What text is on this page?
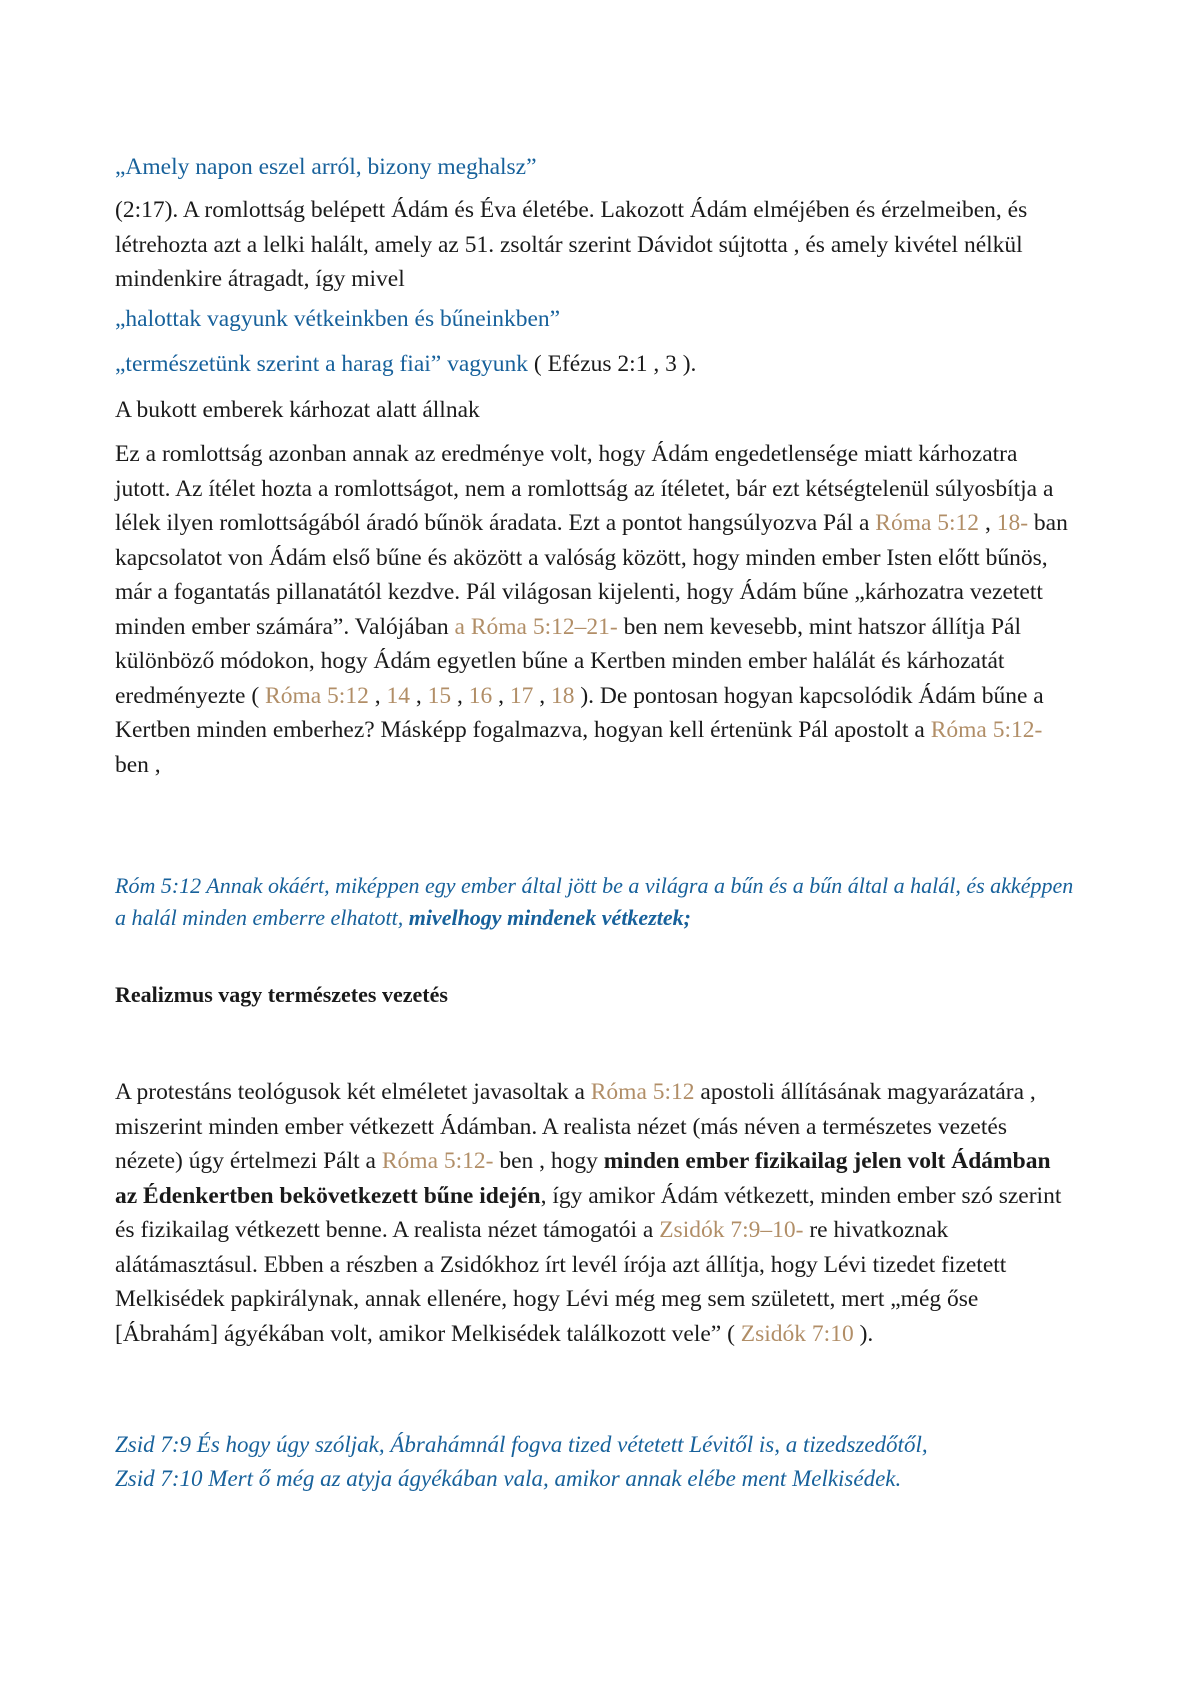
„Amely napon eszel arról, bizony meghalsz”
(2:17). A romlottság belépett Ádám és Éva életébe. Lakozott Ádám elméjében és érzelmeiben, és létrehozta azt a lelki halált, amely az 51. zsoltár szerint Dávidot sújtotta , és amely kivétel nélkül mindenkire átragadt, így mivel
„halottak vagyunk vétkeinkben és bűneinkben”
„természetünk szerint a harag fiai” vagyunk ( Efézus 2:1 , 3 ).
A bukott emberek kárhozat alatt állnak
Ez a romlottság azonban annak az eredménye volt, hogy Ádám engedetlensége miatt kárhozatra jutott. Az ítélet hozta a romlottságot, nem a romlottság az ítéletet, bár ezt kétségtelenül súlyosbítja a lélek ilyen romlottságából áradó bűnök áradata. Ezt a pontot hangsúlyozva Pál a Róma 5:12 , 18- ban kapcsolatot von Ádám első bűne és aközött a valóság között, hogy minden ember Isten előtt bűnös, már a fogantatás pillanatától kezdve. Pál világosan kijelenti, hogy Ádám bűne „kárhozatra vezetett minden ember számára”. Valójában a Róma 5:12–21- ben nem kevesebb, mint hatszor állítja Pál különböző módokon, hogy Ádám egyetlen bűne a Kertben minden ember halálát és kárhozatát eredményezte ( Róma 5:12 , 14 , 15 , 16 , 17 , 18 ). De pontosan hogyan kapcsolódik Ádám bűne a Kertben minden emberhez? Másképp fogalmazva, hogyan kell értenünk Pál apostolt a Róma 5:12- ben ,
Róm 5:12 Annak okáért, miképpen egy ember által jött be a világra a bűn és a bűn által a halál, és akképpen a halál minden emberre elhatott, mivelhogy mindenek vétkeztek;
Realizmus vagy természetes vezetés
A protestáns teológusok két elméletet javasoltak a Róma 5:12 apostoli állításának magyarázatára , miszerint minden ember vétkezett Ádámban. A realista nézet (más néven a természetes vezetés nézete) úgy értelmezi Pált a Róma 5:12- ben , hogy minden ember fizikailag jelen volt Ádámban az Édenkertben bekövetkezett bűne idején, így amikor Ádám vétkezett, minden ember szó szerint és fizikailag vétkezett benne. A realista nézet támogatói a Zsidók 7:9–10- re hivatkoznak alátámasztásul. Ebben a részben a Zsidókhoz írt levél írója azt állítja, hogy Lévi tizedet fizetett Melkisédek papkirálynak, annak ellenére, hogy Lévi még meg sem született, mert „még őse [Ábrahám] ágyékában volt, amikor Melkisédek találkozott vele” ( Zsidók 7:10 ).
Zsid 7:9 És hogy úgy szóljak, Ábrahámnál fogva tized vétetett Lévitől is, a tizedszedőtől,
Zsid 7:10 Mert ő még az atyja ágyékában vala, amikor annak elébe ment Melkisédek.
